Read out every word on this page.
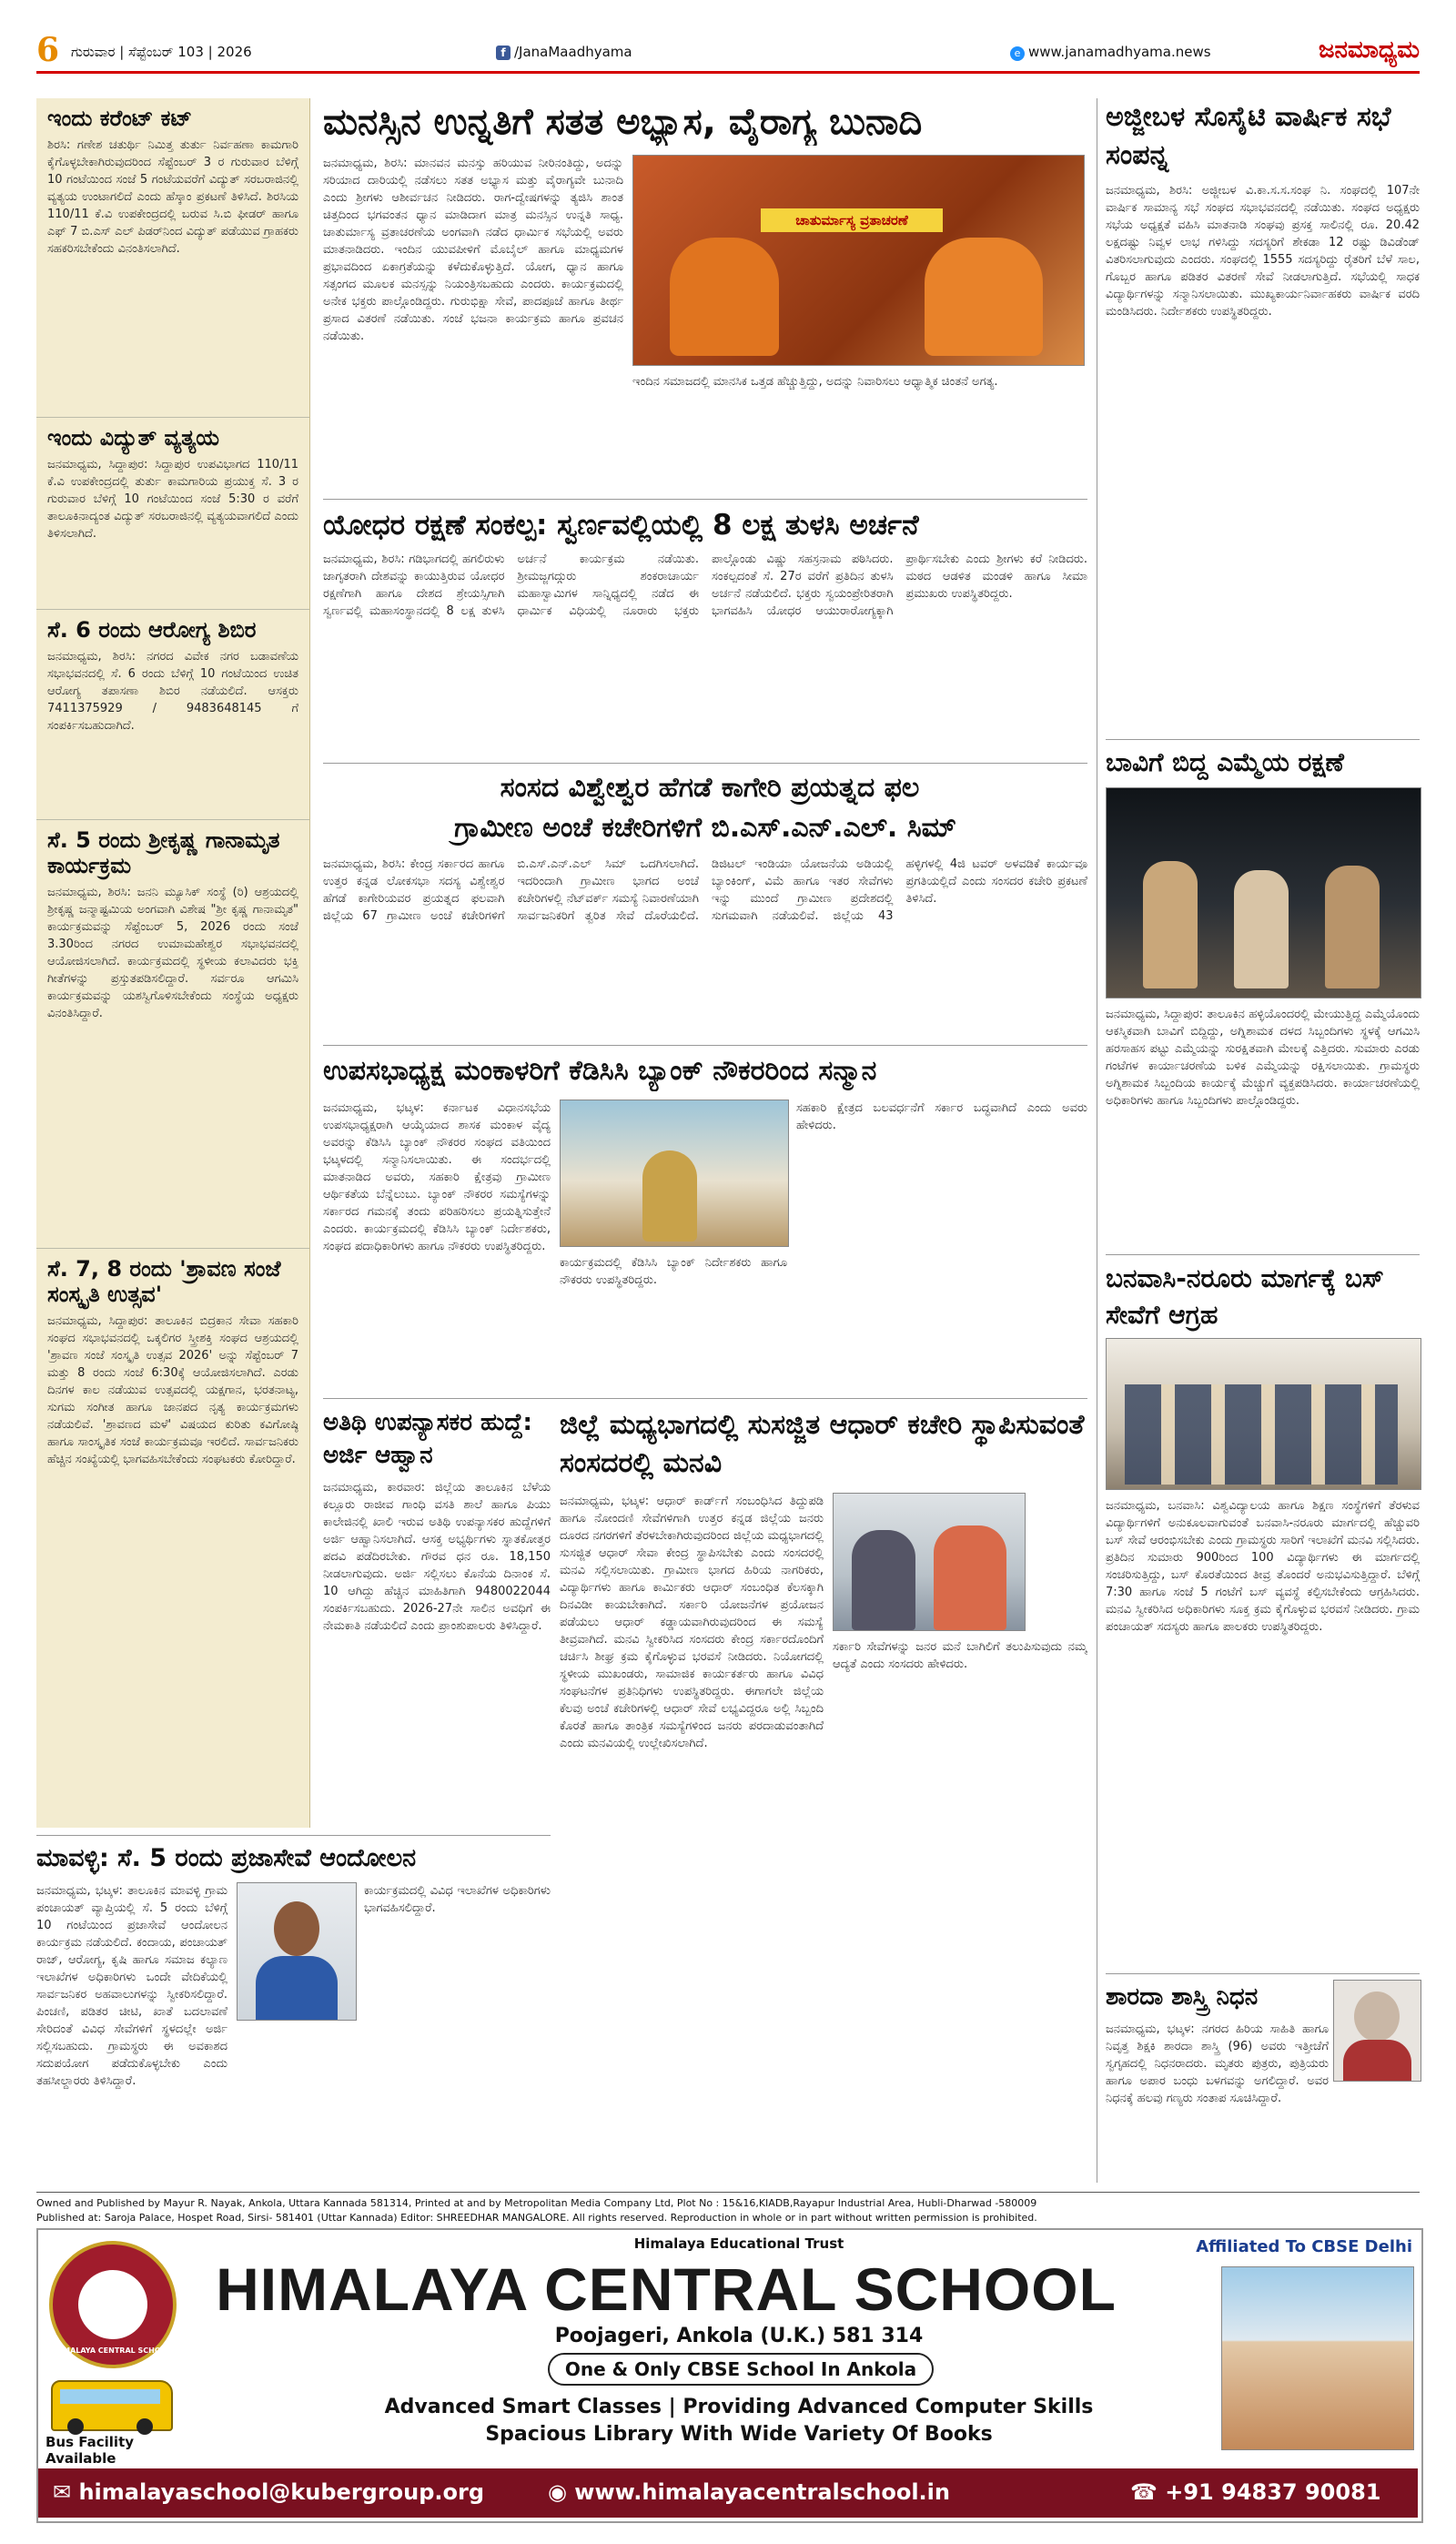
6 ಗುರುವಾರ | ಸೆಪ್ಟೆಂಬರ್ 103 | 2026	f /JanaMaadhyama	e www.janamadhyama.news	ಜನಮಾಧ್ಯಮ
ಇಂದು ಕರೆಂಟ್ ಕಟ್
ಶಿರಸಿ: ಗಣೇಶ ಚತುರ್ಥಿ ನಿಮಿತ್ತ ತುರ್ತು ನಿರ್ವಹಣಾ ಕಾಮಗಾರಿ ಕೈಗೊಳ್ಳಬೇಕಾಗಿರುವುದರಿಂದ ಸೆಪ್ಟೆಂಬರ್ 3 ರ ಗುರುವಾರ ಬೆಳಿಗ್ಗೆ 10 ಗಂಟೆಯಿಂದ ಸಂಜೆ 5 ಗಂಟೆಯವರೆಗೆ ವಿದ್ಯುತ್ ಸರಬರಾಜಿನಲ್ಲಿ ವ್ಯತ್ಯಯ ಉಂಟಾಗಲಿದೆ ಎಂದು ಹೆಸ್ಕಾಂ ಪ್ರಕಟಣೆ ತಿಳಿಸಿದೆ. ಶಿರಸಿಯ 110/11 ಕೆ.ವಿ ಉಪಕೇಂದ್ರದಲ್ಲಿ ಬರುವ ಸಿ.ಬಿ ಫೀಡರ್ ಹಾಗೂ ಎಫ್ 7 ಬಿ.ಎಸ್ ಎಲ್ ಪಿಡರ್‌ನಿಂದ ವಿದ್ಯುತ್ ಪಡೆಯುವ ಗ್ರಾಹಕರು ಸಹಕರಿಸಬೇಕೆಂದು ವಿನಂತಿಸಲಾಗಿದೆ.
ಇಂದು ವಿದ್ಯುತ್ ವ್ಯತ್ಯಯ
ಜನಮಾಧ್ಯಮ, ಸಿದ್ದಾಪುರ: ಸಿದ್ದಾಪುರ ಉಪವಿಭಾಗದ 110/11 ಕೆ.ವಿ ಉಪಕೇಂದ್ರದಲ್ಲಿ ತುರ್ತು ಕಾಮಗಾರಿಯ ಪ್ರಯುಕ್ತ ಸೆ. 3 ರ ಗುರುವಾರ ಬೆಳಿಗ್ಗೆ 10 ಗಂಟೆಯಿಂದ ಸಂಜೆ 5:30 ರ ವರೆಗೆ ತಾಲೂಕಿನಾದ್ಯಂತ ವಿದ್ಯುತ್ ಸರಬರಾಜಿನಲ್ಲಿ ವ್ಯತ್ಯಯವಾಗಲಿದೆ ಎಂದು ತಿಳಿಸಲಾಗಿದೆ.
ಸೆ. 6 ರಂದು ಆರೋಗ್ಯ ಶಿಬಿರ
ಜನಮಾಧ್ಯಮ, ಶಿರಸಿ: ನಗರದ ವಿವೇಕ ನಗರ ಬಡಾವಣೆಯ ಸಭಾಭವನದಲ್ಲಿ ಸೆ. 6 ರಂದು ಬೆಳಿಗ್ಗೆ 10 ಗಂಟೆಯಿಂದ ಉಚಿತ ಆರೋಗ್ಯ ತಪಾಸಣಾ ಶಿಬಿರ ನಡೆಯಲಿದೆ. ಆಸಕ್ತರು 7411375929 / 9483648145 ಗೆ ಸಂಪರ್ಕಿಸಬಹುದಾಗಿದೆ.
ಸೆ. 5 ರಂದು ಶ್ರೀಕೃಷ್ಣ ಗಾನಾಮೃತ ಕಾರ್ಯಕ್ರಮ
ಜನಮಾಧ್ಯಮ, ಶಿರಸಿ: ಜನನಿ ಮ್ಯೂಸಿಕ್ ಸಂಸ್ಥೆ (ರಿ) ಆಶ್ರಯದಲ್ಲಿ ಶ್ರೀಕೃಷ್ಣ ಜನ್ಮಾಷ್ಟಮಿಯ ಅಂಗವಾಗಿ ವಿಶೇಷ "ಶ್ರೀ ಕೃಷ್ಣ ಗಾನಾಮೃತ" ಕಾರ್ಯಕ್ರಮವನ್ನು ಸೆಪ್ಟೆಂಬರ್ 5, 2026 ರಂದು ಸಂಜೆ 3.30ರಿಂದ ನಗರದ ಉಮಾಮಹೇಶ್ವರ ಸಭಾಭವನದಲ್ಲಿ ಆಯೋಜಿಸಲಾಗಿದೆ. ಕಾರ್ಯಕ್ರಮದಲ್ಲಿ ಸ್ಥಳೀಯ ಕಲಾವಿದರು ಭಕ್ತಿ ಗೀತೆಗಳನ್ನು ಪ್ರಸ್ತುತಪಡಿಸಲಿದ್ದಾರೆ. ಸರ್ವರೂ ಆಗಮಿಸಿ ಕಾರ್ಯಕ್ರಮವನ್ನು ಯಶಸ್ವಿಗೊಳಿಸಬೇಕೆಂದು ಸಂಸ್ಥೆಯ ಅಧ್ಯಕ್ಷರು ವಿನಂತಿಸಿದ್ದಾರೆ.
ಸೆ. 7, 8 ರಂದು 'ಶ್ರಾವಣ ಸಂಜೆ ಸಂಸ್ಕೃತಿ ಉತ್ಸವ'
ಜನಮಾಧ್ಯಮ, ಸಿದ್ದಾಪುರ: ತಾಲೂಕಿನ ಬಿದ್ರಕಾನ ಸೇವಾ ಸಹಕಾರಿ ಸಂಘದ ಸಭಾಭವನದಲ್ಲಿ ಒಕ್ಕಲಿಗರ ಸ್ತ್ರೀಶಕ್ತಿ ಸಂಘದ ಆಶ್ರಯದಲ್ಲಿ 'ಶ್ರಾವಣ ಸಂಜೆ ಸಂಸ್ಕೃತಿ ಉತ್ಸವ 2026' ಅನ್ನು ಸೆಪ್ಟೆಂಬರ್ 7 ಮತ್ತು 8 ರಂದು ಸಂಜೆ 6:30ಕ್ಕೆ ಆಯೋಜಿಸಲಾಗಿದೆ. ಎರಡು ದಿನಗಳ ಕಾಲ ನಡೆಯುವ ಉತ್ಸವದಲ್ಲಿ ಯಕ್ಷಗಾನ, ಭರತನಾಟ್ಯ, ಸುಗಮ ಸಂಗೀತ ಹಾಗೂ ಜಾನಪದ ನೃತ್ಯ ಕಾರ್ಯಕ್ರಮಗಳು ನಡೆಯಲಿವೆ. 'ಶ್ರಾವಣದ ಮಳೆ' ವಿಷಯದ ಕುರಿತು ಕವಿಗೋಷ್ಠಿ ಹಾಗೂ ಸಾಂಸ್ಕೃತಿಕ ಸಂಜೆ ಕಾರ್ಯಕ್ರಮವೂ ಇರಲಿದೆ. ಸಾರ್ವಜನಿಕರು ಹೆಚ್ಚಿನ ಸಂಖ್ಯೆಯಲ್ಲಿ ಭಾಗವಹಿಸಬೇಕೆಂದು ಸಂಘಟಕರು ಕೋರಿದ್ದಾರೆ.
ಮನಸ್ಸಿನ ಉನ್ನತಿಗೆ ಸತತ ಅಭ್ಯಾಸ, ವೈರಾಗ್ಯ ಬುನಾದಿ
ಜನಮಾಧ್ಯಮ, ಶಿರಸಿ: ಮಾನವನ ಮನಸ್ಸು ಹರಿಯುವ ನೀರಿನಂತಿದ್ದು, ಅದನ್ನು ಸರಿಯಾದ ದಾರಿಯಲ್ಲಿ ನಡೆಸಲು ಸತತ ಅಭ್ಯಾಸ ಮತ್ತು ವೈರಾಗ್ಯವೇ ಬುನಾದಿ ಎಂದು ಶ್ರೀಗಳು ಆಶೀರ್ವಚನ ನೀಡಿದರು. ರಾಗ-ದ್ವೇಷಗಳನ್ನು ತ್ಯಜಿಸಿ ಶಾಂತ ಚಿತ್ತದಿಂದ ಭಗವಂತನ ಧ್ಯಾನ ಮಾಡಿದಾಗ ಮಾತ್ರ ಮನಸ್ಸಿನ ಉನ್ನತಿ ಸಾಧ್ಯ. ಚಾತುರ್ಮಾಸ್ಯ ವ್ರತಾಚರಣೆಯ ಅಂಗವಾಗಿ ನಡೆದ ಧಾರ್ಮಿಕ ಸಭೆಯಲ್ಲಿ ಅವರು ಮಾತನಾಡಿದರು. ಇಂದಿನ ಯುವಪೀಳಿಗೆ ಮೊಬೈಲ್ ಹಾಗೂ ಮಾಧ್ಯಮಗಳ ಪ್ರಭಾವದಿಂದ ಏಕಾಗ್ರತೆಯನ್ನು ಕಳೆದುಕೊಳ್ಳುತ್ತಿದೆ. ಯೋಗ, ಧ್ಯಾನ ಹಾಗೂ ಸತ್ಸಂಗದ ಮೂಲಕ ಮನಸ್ಸನ್ನು ನಿಯಂತ್ರಿಸಬಹುದು ಎಂದರು. ಕಾರ್ಯಕ್ರಮದಲ್ಲಿ ಅನೇಕ ಭಕ್ತರು ಪಾಲ್ಗೊಂಡಿದ್ದರು. ಗುರುಭಿಕ್ಷಾ ಸೇವೆ, ಪಾದಪೂಜೆ ಹಾಗೂ ತೀರ್ಥ ಪ್ರಸಾದ ವಿತರಣೆ ನಡೆಯಿತು. ಸಂಜೆ ಭಜನಾ ಕಾರ್ಯಕ್ರಮ ಹಾಗೂ ಪ್ರವಚನ ನಡೆಯಿತು.
ಚಾತುರ್ಮಾಸ್ಯ ವ್ರತಾಚರಣೆ
ಇಂದಿನ ಸಮಾಜದಲ್ಲಿ ಮಾನಸಿಕ ಒತ್ತಡ ಹೆಚ್ಚುತ್ತಿದ್ದು, ಅದನ್ನು ನಿವಾರಿಸಲು ಆಧ್ಯಾತ್ಮಿಕ ಚಿಂತನೆ ಅಗತ್ಯ.
ಯೋಧರ ರಕ್ಷಣೆ ಸಂಕಲ್ಪ: ಸ್ವರ್ಣವಲ್ಲಿಯಲ್ಲಿ 8 ಲಕ್ಷ ತುಳಸಿ ಅರ್ಚನೆ
ಜನಮಾಧ್ಯಮ, ಶಿರಸಿ: ಗಡಿಭಾಗದಲ್ಲಿ ಹಗಲಿರುಳು ಜಾಗೃತರಾಗಿ ದೇಶವನ್ನು ಕಾಯುತ್ತಿರುವ ಯೋಧರ ರಕ್ಷಣೆಗಾಗಿ ಹಾಗೂ ದೇಶದ ಶ್ರೇಯಸ್ಸಿಗಾಗಿ ಸ್ವರ್ಣವಲ್ಲಿ ಮಹಾಸಂಸ್ಥಾನದಲ್ಲಿ 8 ಲಕ್ಷ ತುಳಸಿ ಅರ್ಚನೆ ಕಾರ್ಯಕ್ರಮ ನಡೆಯಿತು. ಶ್ರೀಮಜ್ಜಗದ್ಗುರು ಶಂಕರಾಚಾರ್ಯ ಮಹಾಸ್ವಾಮಿಗಳ ಸಾನ್ನಿಧ್ಯದಲ್ಲಿ ನಡೆದ ಈ ಧಾರ್ಮಿಕ ವಿಧಿಯಲ್ಲಿ ನೂರಾರು ಭಕ್ತರು ಪಾಲ್ಗೊಂಡು ವಿಷ್ಣು ಸಹಸ್ರನಾಮ ಪಠಿಸಿದರು. ಸಂಕಲ್ಪದಂತೆ ಸೆ. 27ರ ವರೆಗೆ ಪ್ರತಿದಿನ ತುಳಸಿ ಅರ್ಚನೆ ನಡೆಯಲಿದೆ. ಭಕ್ತರು ಸ್ವಯಂಪ್ರೇರಿತರಾಗಿ ಭಾಗವಹಿಸಿ ಯೋಧರ ಆಯುರಾರೋಗ್ಯಕ್ಕಾಗಿ ಪ್ರಾರ್ಥಿಸಬೇಕು ಎಂದು ಶ್ರೀಗಳು ಕರೆ ನೀಡಿದರು. ಮಠದ ಆಡಳಿತ ಮಂಡಳಿ ಹಾಗೂ ಸೀಮಾ ಪ್ರಮುಖರು ಉಪಸ್ಥಿತರಿದ್ದರು.
ಸಂಸದ ವಿಶ್ವೇಶ್ವರ ಹೆಗಡೆ ಕಾಗೇರಿ ಪ್ರಯತ್ನದ ಫಲ
ಗ್ರಾಮೀಣ ಅಂಚೆ ಕಚೇರಿಗಳಿಗೆ ಬಿ.ಎಸ್.ಎನ್.ಎಲ್. ಸಿಮ್
ಜನಮಾಧ್ಯಮ, ಶಿರಸಿ: ಕೇಂದ್ರ ಸರ್ಕಾರದ ಹಾಗೂ ಉತ್ತರ ಕನ್ನಡ ಲೋಕಸಭಾ ಸದಸ್ಯ ವಿಶ್ವೇಶ್ವರ ಹೆಗಡೆ ಕಾಗೇರಿಯವರ ಪ್ರಯತ್ನದ ಫಲವಾಗಿ ಜಿಲ್ಲೆಯ 67 ಗ್ರಾಮೀಣ ಅಂಚೆ ಕಚೇರಿಗಳಿಗೆ ಬಿ.ಎಸ್.ಎನ್.ಎಲ್ ಸಿಮ್ ಒದಗಿಸಲಾಗಿದೆ. ಇದರಿಂದಾಗಿ ಗ್ರಾಮೀಣ ಭಾಗದ ಅಂಚೆ ಕಚೇರಿಗಳಲ್ಲಿ ನೆಟ್‌ವರ್ಕ್ ಸಮಸ್ಯೆ ನಿವಾರಣೆಯಾಗಿ ಸಾರ್ವಜನಿಕರಿಗೆ ತ್ವರಿತ ಸೇವೆ ದೊರೆಯಲಿದೆ. ಡಿಜಿಟಲ್ ಇಂಡಿಯಾ ಯೋಜನೆಯ ಅಡಿಯಲ್ಲಿ ಬ್ಯಾಂಕಿಂಗ್, ವಿಮೆ ಹಾಗೂ ಇತರ ಸೇವೆಗಳು ಇನ್ನು ಮುಂದೆ ಗ್ರಾಮೀಣ ಪ್ರದೇಶದಲ್ಲಿ ಸುಗಮವಾಗಿ ನಡೆಯಲಿವೆ. ಜಿಲ್ಲೆಯ 43 ಹಳ್ಳಿಗಳಲ್ಲಿ 4ಜಿ ಟವರ್ ಅಳವಡಿಕೆ ಕಾರ್ಯವೂ ಪ್ರಗತಿಯಲ್ಲಿದೆ ಎಂದು ಸಂಸದರ ಕಚೇರಿ ಪ್ರಕಟಣೆ ತಿಳಿಸಿದೆ.
ಉಪಸಭಾಧ್ಯಕ್ಷ ಮಂಕಾಳರಿಗೆ ಕೆಡಿಸಿಸಿ ಬ್ಯಾಂಕ್ ನೌಕರರಿಂದ ಸನ್ಮಾನ
ಜನಮಾಧ್ಯಮ, ಭಟ್ಕಳ: ಕರ್ನಾಟಕ ವಿಧಾನಸಭೆಯ ಉಪಸಭಾಧ್ಯಕ್ಷರಾಗಿ ಆಯ್ಕೆಯಾದ ಶಾಸಕ ಮಂಕಾಳ ವೈದ್ಯ ಅವರನ್ನು ಕೆಡಿಸಿಸಿ ಬ್ಯಾಂಕ್ ನೌಕರರ ಸಂಘದ ವತಿಯಿಂದ ಭಟ್ಕಳದಲ್ಲಿ ಸನ್ಮಾನಿಸಲಾಯಿತು. ಈ ಸಂದರ್ಭದಲ್ಲಿ ಮಾತನಾಡಿದ ಅವರು, ಸಹಕಾರಿ ಕ್ಷೇತ್ರವು ಗ್ರಾಮೀಣ ಆರ್ಥಿಕತೆಯ ಬೆನ್ನೆಲುಬು. ಬ್ಯಾಂಕ್ ನೌಕರರ ಸಮಸ್ಯೆಗಳನ್ನು ಸರ್ಕಾರದ ಗಮನಕ್ಕೆ ತಂದು ಪರಿಹರಿಸಲು ಪ್ರಯತ್ನಿಸುತ್ತೇನೆ ಎಂದರು. ಕಾರ್ಯಕ್ರಮದಲ್ಲಿ ಕೆಡಿಸಿಸಿ ಬ್ಯಾಂಕ್ ನಿರ್ದೇಶಕರು, ಸಂಘದ ಪದಾಧಿಕಾರಿಗಳು ಹಾಗೂ ನೌಕರರು ಉಪಸ್ಥಿತರಿದ್ದರು.
ಕಾರ್ಯಕ್ರಮದಲ್ಲಿ ಕೆಡಿಸಿಸಿ ಬ್ಯಾಂಕ್ ನಿರ್ದೇಶಕರು ಹಾಗೂ ನೌಕರರು ಉಪಸ್ಥಿತರಿದ್ದರು.
ಸಹಕಾರಿ ಕ್ಷೇತ್ರದ ಬಲವರ್ಧನೆಗೆ ಸರ್ಕಾರ ಬದ್ಧವಾಗಿದೆ ಎಂದು ಅವರು ಹೇಳಿದರು.
ಅತಿಥಿ ಉಪನ್ಯಾಸಕರ ಹುದ್ದೆ: ಅರ್ಜಿ ಆಹ್ವಾನ
ಜನಮಾಧ್ಯಮ, ಕಾರವಾರ: ಜಿಲ್ಲೆಯ ತಾಲೂಕಿನ ಬೆಳೆಯ ಕಲ್ಲೂರು ರಾಜೀವ ಗಾಂಧಿ ವಸತಿ ಶಾಲೆ ಹಾಗೂ ಪಿಯು ಕಾಲೇಜಿನಲ್ಲಿ ಖಾಲಿ ಇರುವ ಅತಿಥಿ ಉಪನ್ಯಾಸಕರ ಹುದ್ದೆಗಳಿಗೆ ಅರ್ಜಿ ಆಹ್ವಾನಿಸಲಾಗಿದೆ. ಆಸಕ್ತ ಅಭ್ಯರ್ಥಿಗಳು ಸ್ನಾತಕೋತ್ತರ ಪದವಿ ಪಡೆದಿರಬೇಕು. ಗೌರವ ಧನ ರೂ. 18,150 ನೀಡಲಾಗುವುದು. ಅರ್ಜಿ ಸಲ್ಲಿಸಲು ಕೊನೆಯ ದಿನಾಂಕ ಸೆ. 10 ಆಗಿದ್ದು ಹೆಚ್ಚಿನ ಮಾಹಿತಿಗಾಗಿ 9480022044 ಸಂಪರ್ಕಿಸಬಹುದು. 2026-27ನೇ ಸಾಲಿನ ಅವಧಿಗೆ ಈ ನೇಮಕಾತಿ ನಡೆಯಲಿದೆ ಎಂದು ಪ್ರಾಂಶುಪಾಲರು ತಿಳಿಸಿದ್ದಾರೆ.
ಜಿಲ್ಲೆ ಮಧ್ಯಭಾಗದಲ್ಲಿ ಸುಸಜ್ಜಿತ ಆಧಾರ್ ಕಚೇರಿ ಸ್ಥಾಪಿಸುವಂತೆ ಸಂಸದರಲ್ಲಿ ಮನವಿ
ಜನಮಾಧ್ಯಮ, ಭಟ್ಕಳ: ಆಧಾರ್ ಕಾರ್ಡ್‌ಗೆ ಸಂಬಂಧಿಸಿದ ತಿದ್ದುಪಡಿ ಹಾಗೂ ನೋಂದಣಿ ಸೇವೆಗಳಿಗಾಗಿ ಉತ್ತರ ಕನ್ನಡ ಜಿಲ್ಲೆಯ ಜನರು ದೂರದ ನಗರಗಳಿಗೆ ತೆರಳಬೇಕಾಗಿರುವುದರಿಂದ ಜಿಲ್ಲೆಯ ಮಧ್ಯಭಾಗದಲ್ಲಿ ಸುಸಜ್ಜಿತ ಆಧಾರ್ ಸೇವಾ ಕೇಂದ್ರ ಸ್ಥಾಪಿಸಬೇಕು ಎಂದು ಸಂಸದರಲ್ಲಿ ಮನವಿ ಸಲ್ಲಿಸಲಾಯಿತು. ಗ್ರಾಮೀಣ ಭಾಗದ ಹಿರಿಯ ನಾಗರಿಕರು, ವಿದ್ಯಾರ್ಥಿಗಳು ಹಾಗೂ ಕಾರ್ಮಿಕರು ಆಧಾರ್ ಸಂಬಂಧಿತ ಕೆಲಸಕ್ಕಾಗಿ ದಿನವಿಡೀ ಕಾಯಬೇಕಾಗಿದೆ. ಸರ್ಕಾರಿ ಯೋಜನೆಗಳ ಪ್ರಯೋಜನ ಪಡೆಯಲು ಆಧಾರ್ ಕಡ್ಡಾಯವಾಗಿರುವುದರಿಂದ ಈ ಸಮಸ್ಯೆ ತೀವ್ರವಾಗಿದೆ. ಮನವಿ ಸ್ವೀಕರಿಸಿದ ಸಂಸದರು ಕೇಂದ್ರ ಸರ್ಕಾರದೊಂದಿಗೆ ಚರ್ಚಿಸಿ ಶೀಘ್ರ ಕ್ರಮ ಕೈಗೊಳ್ಳುವ ಭರವಸೆ ನೀಡಿದರು. ನಿಯೋಗದಲ್ಲಿ ಸ್ಥಳೀಯ ಮುಖಂಡರು, ಸಾಮಾಜಿಕ ಕಾರ್ಯಕರ್ತರು ಹಾಗೂ ವಿವಿಧ ಸಂಘಟನೆಗಳ ಪ್ರತಿನಿಧಿಗಳು ಉಪಸ್ಥಿತರಿದ್ದರು. ಈಗಾಗಲೇ ಜಿಲ್ಲೆಯ ಕೆಲವು ಅಂಚೆ ಕಚೇರಿಗಳಲ್ಲಿ ಆಧಾರ್ ಸೇವೆ ಲಭ್ಯವಿದ್ದರೂ ಅಲ್ಲಿ ಸಿಬ್ಬಂದಿ ಕೊರತೆ ಹಾಗೂ ತಾಂತ್ರಿಕ ಸಮಸ್ಯೆಗಳಿಂದ ಜನರು ಪರದಾಡುವಂತಾಗಿದೆ ಎಂದು ಮನವಿಯಲ್ಲಿ ಉಲ್ಲೇಖಿಸಲಾಗಿದೆ.
ಸರ್ಕಾರಿ ಸೇವೆಗಳನ್ನು ಜನರ ಮನೆ ಬಾಗಿಲಿಗೆ ತಲುಪಿಸುವುದು ನಮ್ಮ ಆದ್ಯತೆ ಎಂದು ಸಂಸದರು ಹೇಳಿದರು.
ಮಾವಳ್ಳಿ: ಸೆ. 5 ರಂದು ಪ್ರಜಾಸೇವೆ ಆಂದೋಲನ
ಜನಮಾಧ್ಯಮ, ಭಟ್ಕಳ: ತಾಲೂಕಿನ ಮಾವಳ್ಳಿ ಗ್ರಾಮ ಪಂಚಾಯತ್ ವ್ಯಾಪ್ತಿಯಲ್ಲಿ ಸೆ. 5 ರಂದು ಬೆಳಿಗ್ಗೆ 10 ಗಂಟೆಯಿಂದ ಪ್ರಜಾಸೇವೆ ಆಂದೋಲನ ಕಾರ್ಯಕ್ರಮ ನಡೆಯಲಿದೆ. ಕಂದಾಯ, ಪಂಚಾಯತ್ ರಾಜ್, ಆರೋಗ್ಯ, ಕೃಷಿ ಹಾಗೂ ಸಮಾಜ ಕಲ್ಯಾಣ ಇಲಾಖೆಗಳ ಅಧಿಕಾರಿಗಳು ಒಂದೇ ವೇದಿಕೆಯಲ್ಲಿ ಸಾರ್ವಜನಿಕರ ಅಹವಾಲುಗಳನ್ನು ಸ್ವೀಕರಿಸಲಿದ್ದಾರೆ. ಪಿಂಚಣಿ, ಪಡಿತರ ಚೀಟಿ, ಖಾತೆ ಬದಲಾವಣೆ ಸೇರಿದಂತೆ ವಿವಿಧ ಸೇವೆಗಳಿಗೆ ಸ್ಥಳದಲ್ಲೇ ಅರ್ಜಿ ಸಲ್ಲಿಸಬಹುದು. ಗ್ರಾಮಸ್ಥರು ಈ ಅವಕಾಶದ ಸದುಪಯೋಗ ಪಡೆದುಕೊಳ್ಳಬೇಕು ಎಂದು ತಹಸೀಲ್ದಾರರು ತಿಳಿಸಿದ್ದಾರೆ.
ಕಾರ್ಯಕ್ರಮದಲ್ಲಿ ವಿವಿಧ ಇಲಾಖೆಗಳ ಅಧಿಕಾರಿಗಳು ಭಾಗವಹಿಸಲಿದ್ದಾರೆ.
ಅಜ್ಜೀಬಳ ಸೊಸೈಟಿ ವಾರ್ಷಿಕ ಸಭೆ ಸಂಪನ್ನ
ಜನಮಾಧ್ಯಮ, ಶಿರಸಿ: ಅಜ್ಜೀಬಳ ವಿ.ಕಾ.ಸ.ಸ.ಸಂಘ ನಿ. ಸಂಘದಲ್ಲಿ 107ನೇ ವಾರ್ಷಿಕ ಸಾಮಾನ್ಯ ಸಭೆ ಸಂಘದ ಸಭಾಭವನದಲ್ಲಿ ನಡೆಯಿತು. ಸಂಘದ ಅಧ್ಯಕ್ಷರು ಸಭೆಯ ಅಧ್ಯಕ್ಷತೆ ವಹಿಸಿ ಮಾತನಾಡಿ ಸಂಘವು ಪ್ರಸಕ್ತ ಸಾಲಿನಲ್ಲಿ ರೂ. 20.42 ಲಕ್ಷದಷ್ಟು ನಿವ್ವಳ ಲಾಭ ಗಳಿಸಿದ್ದು ಸದಸ್ಯರಿಗೆ ಶೇಕಡಾ 12 ರಷ್ಟು ಡಿವಿಡೆಂಡ್ ವಿತರಿಸಲಾಗುವುದು ಎಂದರು. ಸಂಘದಲ್ಲಿ 1555 ಸದಸ್ಯರಿದ್ದು ರೈತರಿಗೆ ಬೆಳೆ ಸಾಲ, ಗೊಬ್ಬರ ಹಾಗೂ ಪಡಿತರ ವಿತರಣೆ ಸೇವೆ ನೀಡಲಾಗುತ್ತಿದೆ. ಸಭೆಯಲ್ಲಿ ಸಾಧಕ ವಿದ್ಯಾರ್ಥಿಗಳನ್ನು ಸನ್ಮಾನಿಸಲಾಯಿತು. ಮುಖ್ಯಕಾರ್ಯನಿರ್ವಾಹಕರು ವಾರ್ಷಿಕ ವರದಿ ಮಂಡಿಸಿದರು. ನಿರ್ದೇಶಕರು ಉಪಸ್ಥಿತರಿದ್ದರು.
ಬಾವಿಗೆ ಬಿದ್ದ ಎಮ್ಮೆಯ ರಕ್ಷಣೆ
ಜನಮಾಧ್ಯಮ, ಸಿದ್ದಾಪುರ: ತಾಲೂಕಿನ ಹಳ್ಳಿಯೊಂದರಲ್ಲಿ ಮೇಯುತ್ತಿದ್ದ ಎಮ್ಮೆಯೊಂದು ಆಕಸ್ಮಿಕವಾಗಿ ಬಾವಿಗೆ ಬಿದ್ದಿದ್ದು, ಅಗ್ನಿಶಾಮಕ ದಳದ ಸಿಬ್ಬಂದಿಗಳು ಸ್ಥಳಕ್ಕೆ ಆಗಮಿಸಿ ಹರಸಾಹಸ ಪಟ್ಟು ಎಮ್ಮೆಯನ್ನು ಸುರಕ್ಷಿತವಾಗಿ ಮೇಲಕ್ಕೆ ಎತ್ತಿದರು. ಸುಮಾರು ಎರಡು ಗಂಟೆಗಳ ಕಾರ್ಯಾಚರಣೆಯ ಬಳಿಕ ಎಮ್ಮೆಯನ್ನು ರಕ್ಷಿಸಲಾಯಿತು. ಗ್ರಾಮಸ್ಥರು ಅಗ್ನಿಶಾಮಕ ಸಿಬ್ಬಂದಿಯ ಕಾರ್ಯಕ್ಕೆ ಮೆಚ್ಚುಗೆ ವ್ಯಕ್ತಪಡಿಸಿದರು. ಕಾರ್ಯಾಚರಣೆಯಲ್ಲಿ ಅಧಿಕಾರಿಗಳು ಹಾಗೂ ಸಿಬ್ಬಂದಿಗಳು ಪಾಲ್ಗೊಂಡಿದ್ದರು.
ಬನವಾಸಿ-ನರೂರು ಮಾರ್ಗಕ್ಕೆ ಬಸ್ ಸೇವೆಗೆ ಆಗ್ರಹ
ಜನಮಾಧ್ಯಮ, ಬನವಾಸಿ: ವಿಶ್ವವಿದ್ಯಾಲಯ ಹಾಗೂ ಶಿಕ್ಷಣ ಸಂಸ್ಥೆಗಳಿಗೆ ತೆರಳುವ ವಿದ್ಯಾರ್ಥಿಗಳಿಗೆ ಅನುಕೂಲವಾಗುವಂತೆ ಬನವಾಸಿ-ನರೂರು ಮಾರ್ಗದಲ್ಲಿ ಹೆಚ್ಚುವರಿ ಬಸ್ ಸೇವೆ ಆರಂಭಿಸಬೇಕು ಎಂದು ಗ್ರಾಮಸ್ಥರು ಸಾರಿಗೆ ಇಲಾಖೆಗೆ ಮನವಿ ಸಲ್ಲಿಸಿದರು. ಪ್ರತಿದಿನ ಸುಮಾರು 900ರಿಂದ 100 ವಿದ್ಯಾರ್ಥಿಗಳು ಈ ಮಾರ್ಗದಲ್ಲಿ ಸಂಚರಿಸುತ್ತಿದ್ದು, ಬಸ್ ಕೊರತೆಯಿಂದ ತೀವ್ರ ತೊಂದರೆ ಅನುಭವಿಸುತ್ತಿದ್ದಾರೆ. ಬೆಳಿಗ್ಗೆ 7:30 ಹಾಗೂ ಸಂಜೆ 5 ಗಂಟೆಗೆ ಬಸ್ ವ್ಯವಸ್ಥೆ ಕಲ್ಪಿಸಬೇಕೆಂದು ಆಗ್ರಹಿಸಿದರು. ಮನವಿ ಸ್ವೀಕರಿಸಿದ ಅಧಿಕಾರಿಗಳು ಸೂಕ್ತ ಕ್ರಮ ಕೈಗೊಳ್ಳುವ ಭರವಸೆ ನೀಡಿದರು. ಗ್ರಾಮ ಪಂಚಾಯತ್ ಸದಸ್ಯರು ಹಾಗೂ ಪಾಲಕರು ಉಪಸ್ಥಿತರಿದ್ದರು.
ಶಾರದಾ ಶಾಸ್ತ್ರಿ ನಿಧನ
ಜನಮಾಧ್ಯಮ, ಭಟ್ಕಳ: ನಗರದ ಹಿರಿಯ ಸಾಹಿತಿ ಹಾಗೂ ನಿವೃತ್ತ ಶಿಕ್ಷಕಿ ಶಾರದಾ ಶಾಸ್ತ್ರಿ (96) ಅವರು ಇತ್ತೀಚೆಗೆ ಸ್ವಗೃಹದಲ್ಲಿ ನಿಧನರಾದರು. ಮೃತರು ಪುತ್ರರು, ಪುತ್ರಿಯರು ಹಾಗೂ ಅಪಾರ ಬಂಧು ಬಳಗವನ್ನು ಅಗಲಿದ್ದಾರೆ. ಅವರ ನಿಧನಕ್ಕೆ ಹಲವು ಗಣ್ಯರು ಸಂತಾಪ ಸೂಚಿಸಿದ್ದಾರೆ.
Owned and Published by Mayur R. Nayak, Ankola, Uttara Kannada 581314, Printed at and by Metropolitan Media Company Ltd, Plot No : 15&16,KIADB,Rayapur Industrial Area, Hubli-Dharwad -580009
Published at: Saroja Palace, Hospet Road, Sirsi- 581401 (Uttar Kannada) Editor: SHREEDHAR MANGALORE. All rights reserved. Reproduction in whole or in part without written permission is prohibited.
HIMALAYA CENTRAL SCHOOL
Himalaya Educational Trust	Affiliated To CBSE Delhi
HIMALAYA CENTRAL SCHOOL
Poojageri, Ankola (U.K.) 581 314
One & Only CBSE School In Ankola
Advanced Smart Classes | Providing Advanced Computer Skills
Spacious Library With Wide Variety Of Books
Bus Facility Available
✉ himalayaschool@kubergroup.org	◉ www.himalayacentralschool.in	☎ +91 94837 90081
